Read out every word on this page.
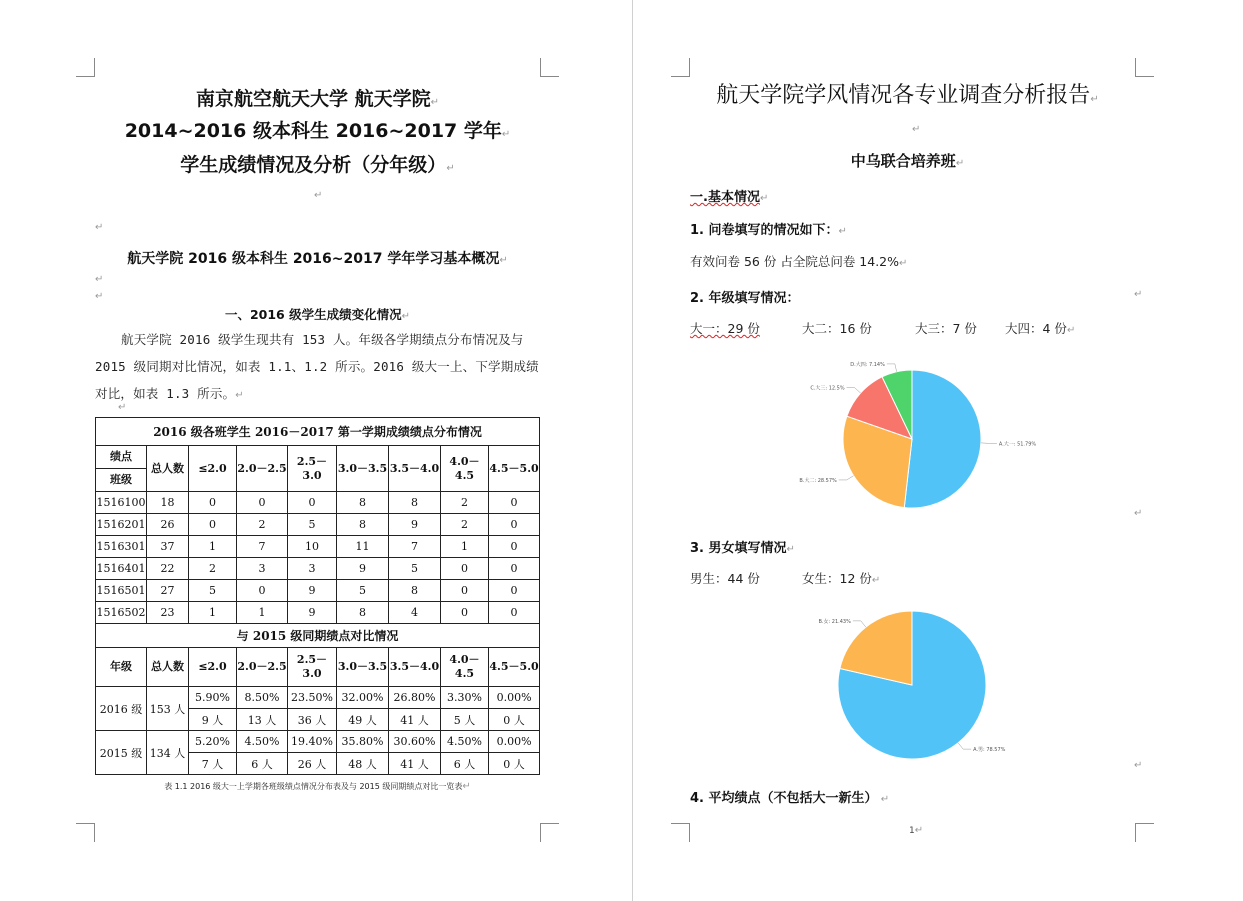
南京航空航天大学 航天学院↵
2014~2016 级本科生 2016~2017 学年↵
学生成绩情况及分析（分年级）↵
↵
↵
航天学院 2016 级本科生 2016~2017 学年学习基本概况↵
↵
↵
一、2016 级学生成绩变化情况↵
航天学院 2016 级学生现共有 153 人。年级各学期绩点分布情况及与 2015 级同期对比情况，如表 1.1、1.2 所示。2016 级大一上、下学期成绩对比，如表 1.3 所示。↵
↵
2016 级各班学生 2016－2017 第一学期成绩绩点分布情况								
绩点	总人数	≤2.0	2.0－2.5	2.5－3.0	3.0－3.5	3.5－4.0	4.0－4.5	4.5－5.0
班级								
1516100	18	0	0	0	8	8	2	0
1516201	26	0	2	5	8	9	2	0
1516301	37	1	7	10	11	7	1	0
1516401	22	2	3	3	9	5	0	0
1516501	27	5	0	9	5	8	0	0
1516502	23	1	1	9	8	4	0	0
与 2015 级同期绩点对比情况								
年级	总人数	≤2.0	2.0－2.5	2.5－3.0	3.0－3.5	3.5－4.0	4.0－4.5	4.5－5.0
2016 级	153 人	5.90%	8.50%	23.50%	32.00%	26.80%	3.30%	0.00%
		9 人	13 人	36 人	49 人	41 人	5 人	0 人
2015 级	134 人	5.20%	4.50%	19.40%	35.80%	30.60%	4.50%	0.00%
		7 人	6 人	26 人	48 人	41 人	6 人	0 人
表 1.1 2016 级大一上学期各班级绩点情况分布表及与 2015 级同期绩点对比一览表↵
航天学院学风情况各专业调查分析报告↵
↵
中乌联合培养班↵
一.基本情况↵
1. 问卷填写的情况如下：↵
有效问卷 56 份 占全院总问卷 14.2%↵
2. 年级填写情况：	↵
大一：29 份	大二：16 份	大三：7 份 大四：4 份↵
A.大一: 51.79%
B.大二: 28.57%
C.大三: 12.5%
D.大四: 7.14%
↵
3. 男女填写情况↵
男生：44 份	女生：12 份↵
A.男: 78.57%
B.女: 21.43%
↵
4. 平均绩点（不包括大一新生） ↵
1↵
